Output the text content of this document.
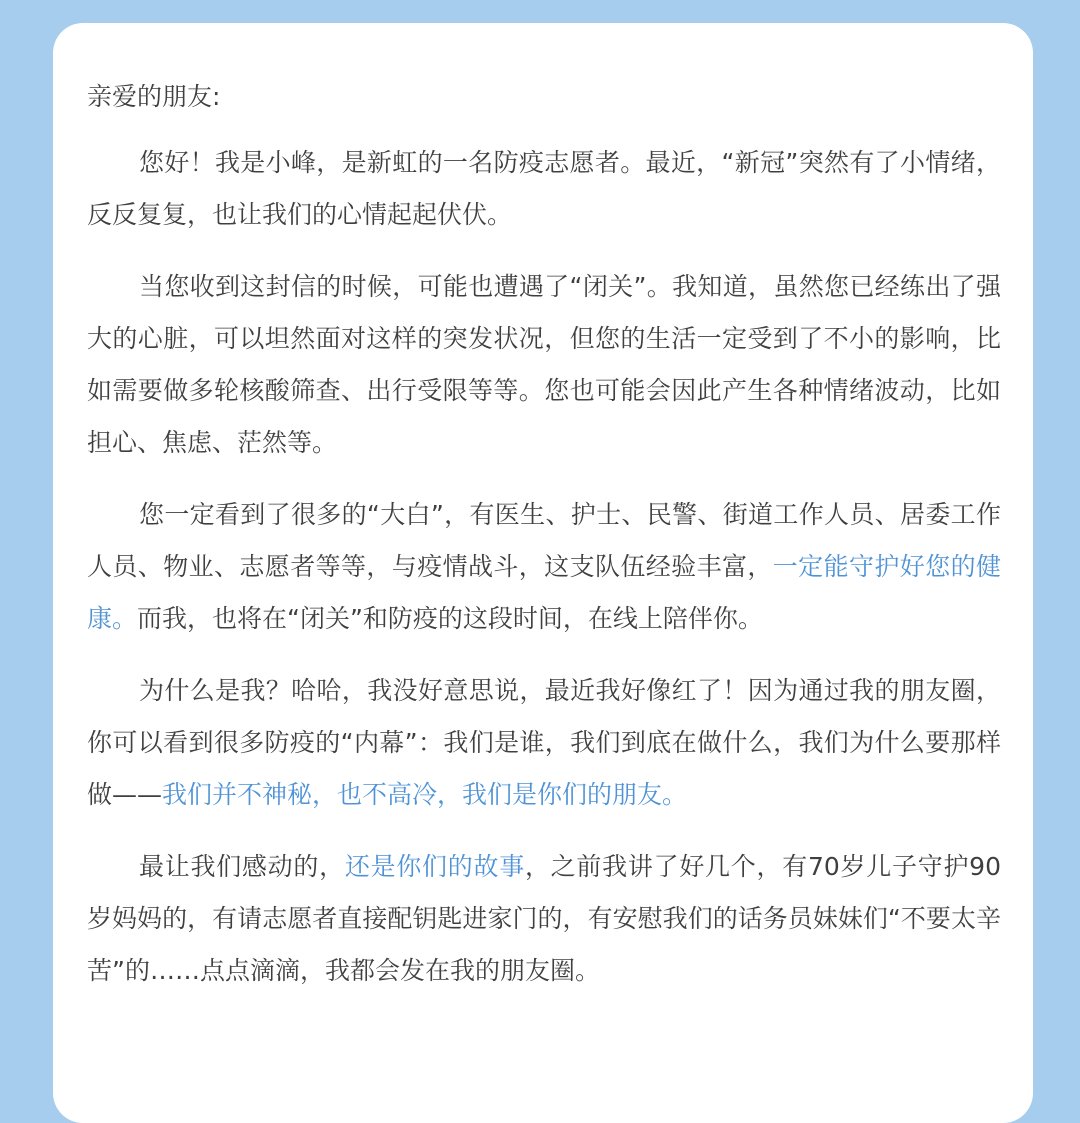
亲爱的朋友:

您好！我是小峰，是新虹的一名防疫志愿者。最近，“新冠”突然有了小情绪，反反复复，也让我们的心情起起伏伏。

当您收到这封信的时候，可能也遭遇了“闭关”。我知道，虽然您已经练出了强大的心脏，可以坦然面对这样的突发状况，但您的生活一定受到了不小的影响，比如需要做多轮核酸筛查、出行受限等等。您也可能会因此产生各种情绪波动，比如担心、焦虑、茫然等。

您一定看到了很多的“大白”，有医生、护士、民警、街道工作人员、居委工作人员、物业、志愿者等等，与疫情战斗，这支队伍经验丰富，一定能守护好您的健康。而我，也将在“闭关”和防疫的这段时间，在线上陪伴你。

为什么是我？哈哈，我没好意思说，最近我好像红了！因为通过我的朋友圈，你可以看到很多防疫的“内幕”：我们是谁，我们到底在做什么，我们为什么要那样做——我们并不神秘，也不高冷，我们是你们的朋友。

最让我们感动的，还是你们的故事，之前我讲了好几个，有70岁儿子守护90岁妈妈的，有请志愿者直接配钥匙进家门的，有安慰我们的话务员妹妹们“不要太辛苦”的……点点滴滴，我都会发在我的朋友圈。
